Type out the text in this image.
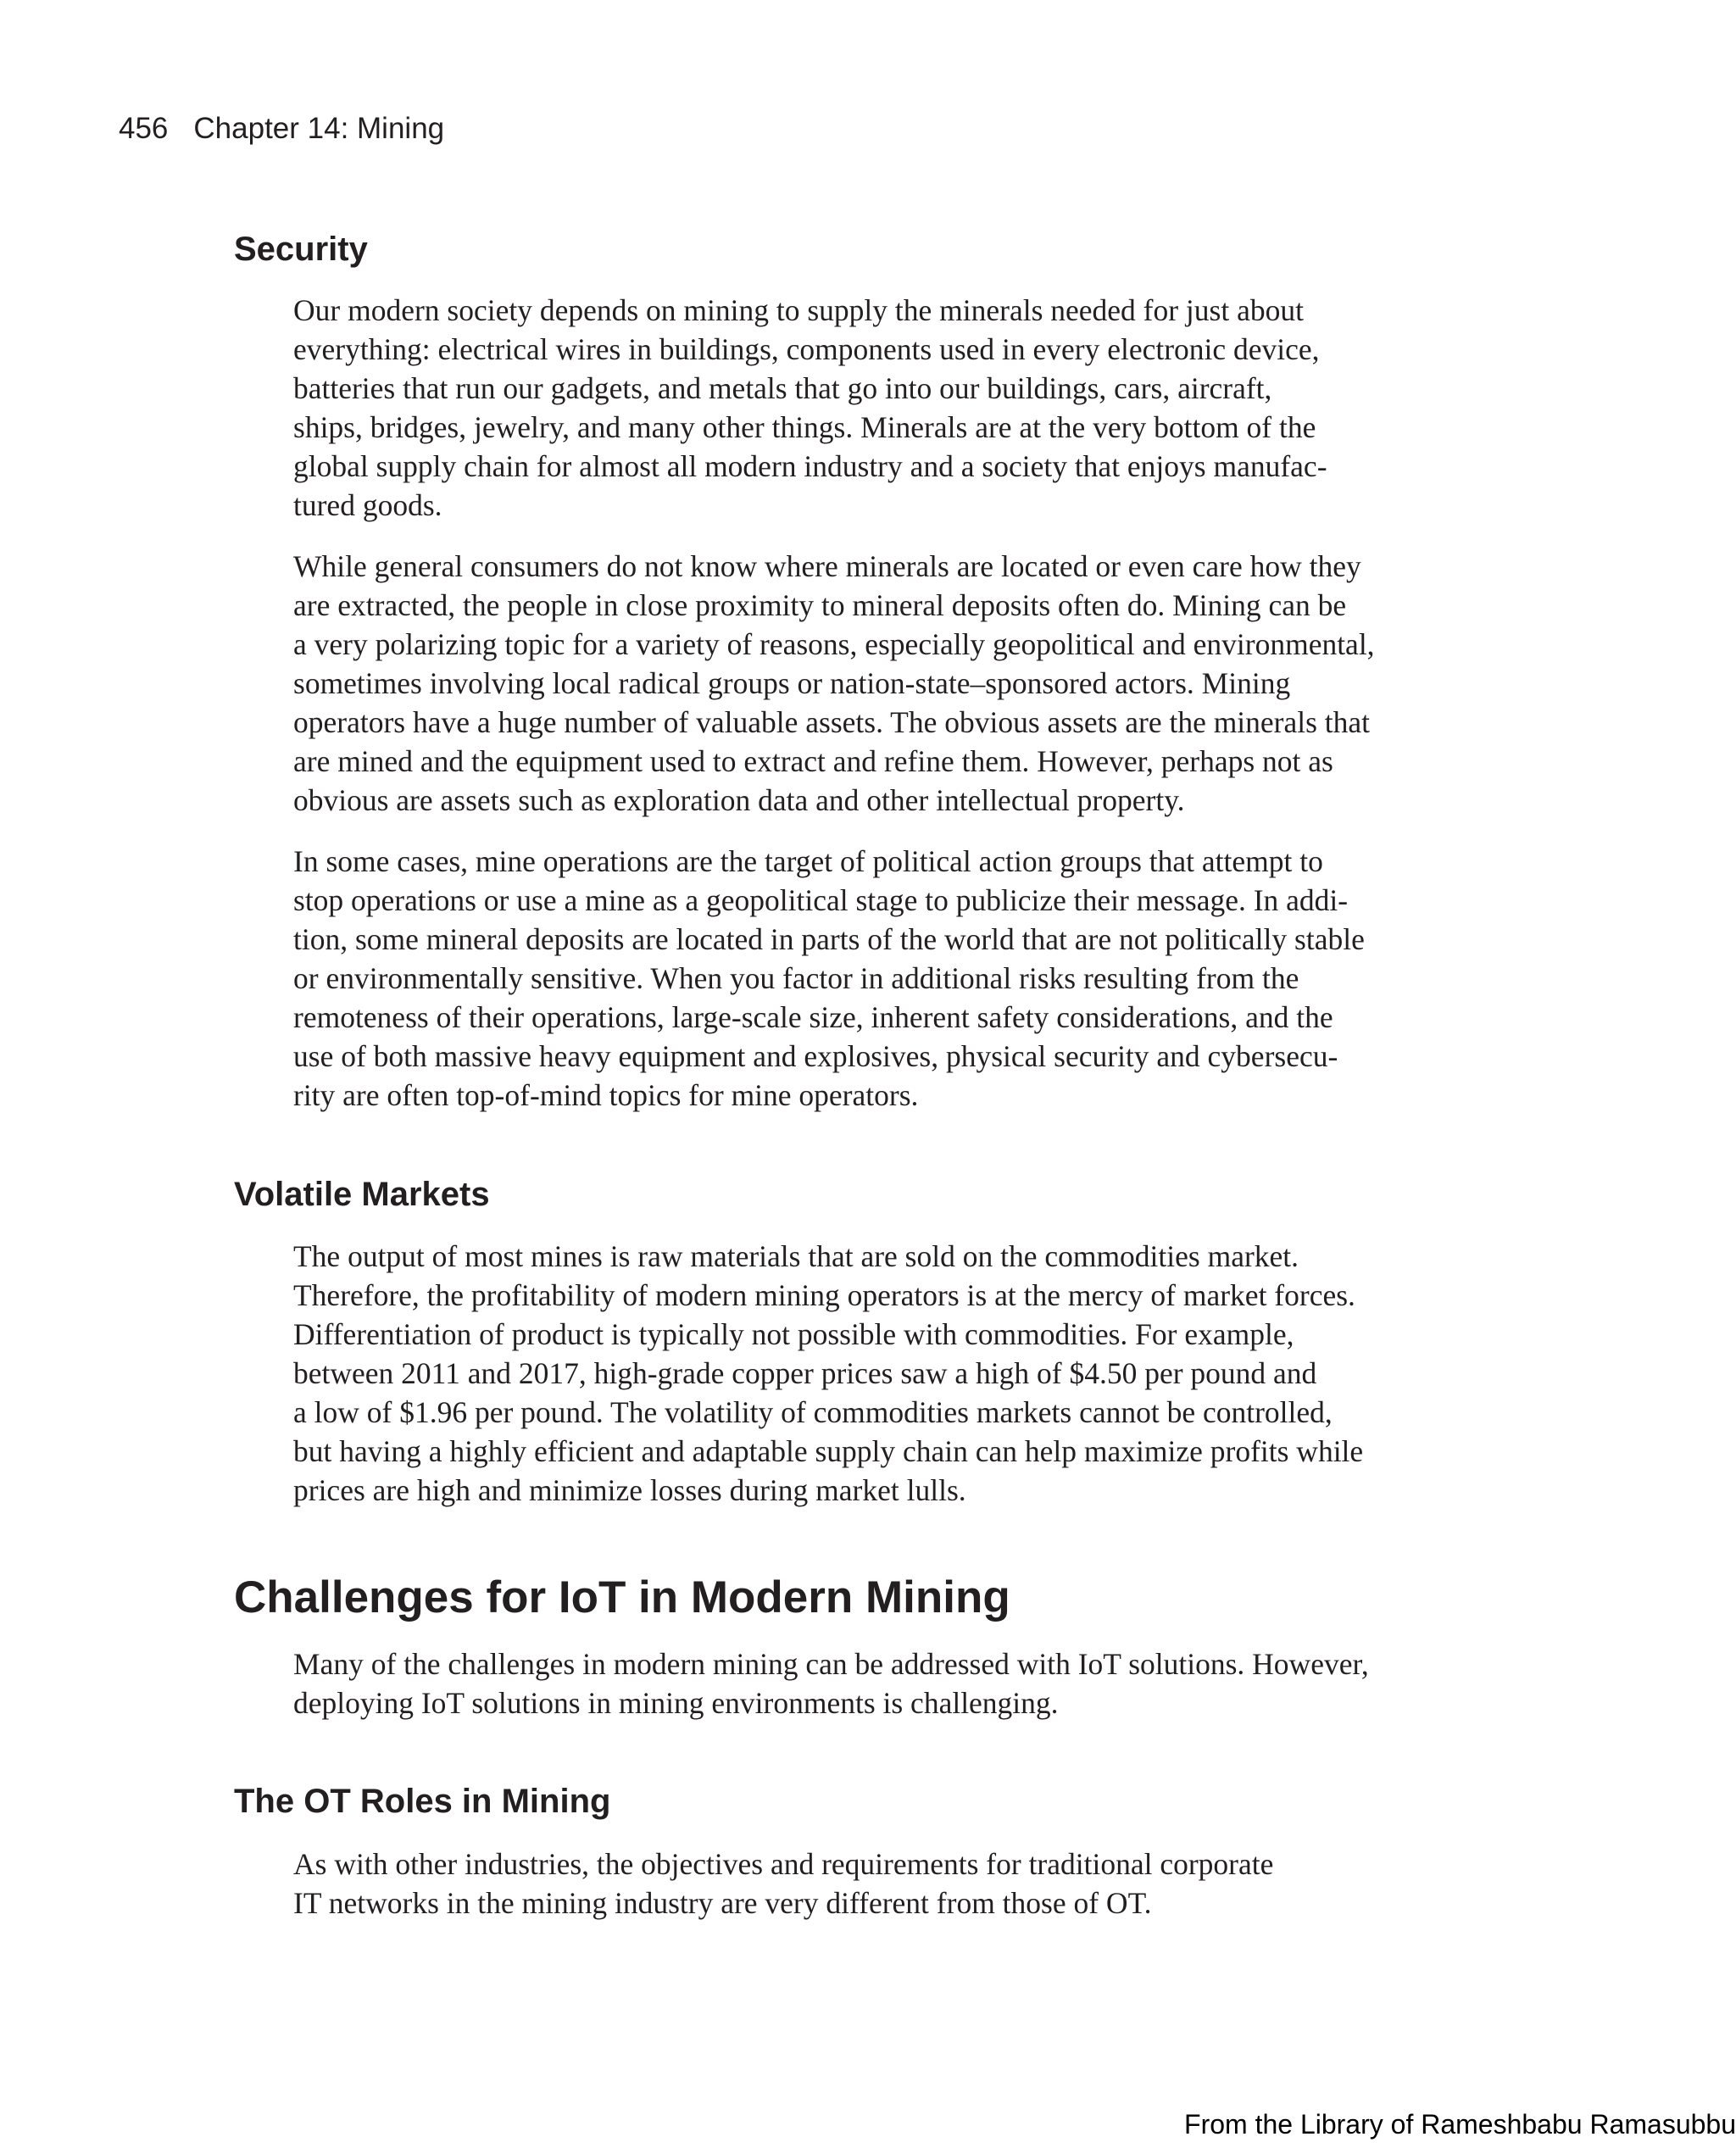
456 Chapter 14: Mining
Security

Our modern society depends on mining to supply the minerals needed for just about
everything: electrical wires in buildings, components used in every electronic device,
batteries that run our gadgets, and metals that go into our buildings, cars, aircraft,
ships, bridges, jewelry, and many other things. Minerals are at the very bottom of the
global supply chain for almost all modern industry and a society that enjoys manufac-
tured goods.

While general consumers do not know where minerals are located or even care how they
are extracted, the people in close proximity to mineral deposits often do. Mining can be
a very polarizing topic for a variety of reasons, especially geopolitical and environmental,
sometimes involving local radical groups or nation-state–sponsored actors. Mining
operators have a huge number of valuable assets. The obvious assets are the minerals that
are mined and the equipment used to extract and refine them. However, perhaps not as
obvious are assets such as exploration data and other intellectual property.

In some cases, mine operations are the target of political action groups that attempt to
stop operations or use a mine as a geopolitical stage to publicize their message. In addi-
tion, some mineral deposits are located in parts of the world that are not politically stable
or environmentally sensitive. When you factor in additional risks resulting from the
remoteness of their operations, large-scale size, inherent safety considerations, and the
use of both massive heavy equipment and explosives, physical security and cybersecu-
rity are often top-of-mind topics for mine operators.

Volatile Markets

The output of most mines is raw materials that are sold on the commodities market.
Therefore, the profitability of modern mining operators is at the mercy of market forces.
Differentiation of product is typically not possible with commodities. For example,
between 2011 and 2017, high-grade copper prices saw a high of $4.50 per pound and
a low of $1.96 per pound. The volatility of commodities markets cannot be controlled,
but having a highly efficient and adaptable supply chain can help maximize profits while
prices are high and minimize losses during market lulls.

Challenges for IoT in Modern Mining

Many of the challenges in modern mining can be addressed with IoT solutions. However,
deploying IoT solutions in mining environments is challenging.

The OT Roles in Mining

As with other industries, the objectives and requirements for traditional corporate
IT networks in the mining industry are very different from those of OT.

From the Library of Rameshbabu Ramasubbu
